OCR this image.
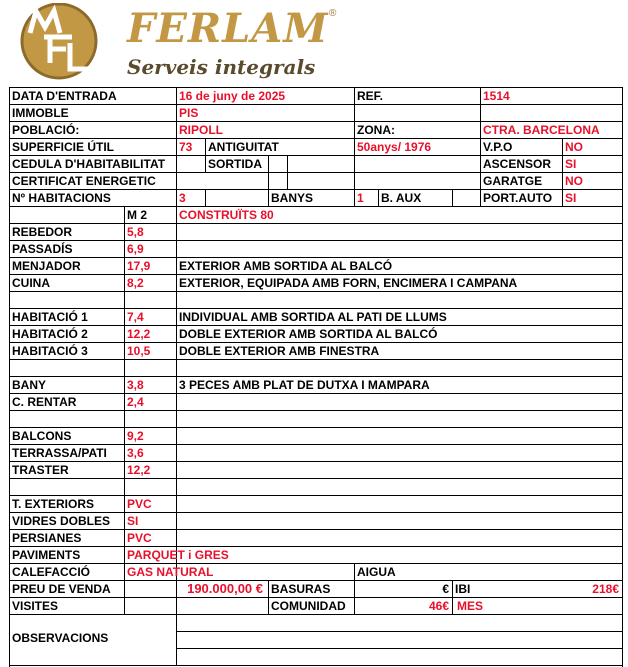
FERLAM ®
Serveis integrals
DATA D'ENTRADA	16 de juny de 2025	REF.	1514
IMMOBLE	PIS
POBLACIÓ:	RIPOLL	ZONA:	CTRA. BARCELONA
SUPERFICIE ÚTIL	73 ANTIGUITAT	50anys/ 1976	V.P.O	NO
CEDULA D'HABITABILITAT	SORTIDA	ASCENSOR SI
CERTIFICAT ENERGETIC	GARATGE NO
Nº HABITACIONS	3	BANYS	1 B. AUX	PORT.AUTO SI
M 2	CONSTRUÏTS 80
REBEDOR	5,8
PASSADÍS	6,9
MENJADOR	17,9 EXTERIOR AMB SORTIDA AL BALCÓ
CUINA	8,2	EXTERIOR, EQUIPADA AMB FORN, ENCIMERA I CAMPANA
HABITACIÓ 1	7,4	INDIVIDUAL AMB SORTIDA AL PATI DE LLUMS
HABITACIÓ 2	12,2 DOBLE EXTERIOR AMB SORTIDA AL BALCÓ
HABITACIÓ 3	10,5 DOBLE EXTERIOR AMB FINESTRA
BANY	3,8	3 PECES AMB PLAT DE DUTXA I MAMPARA
C. RENTAR	2,4
BALCONS	9,2
TERRASSA/PATI 3,6
TRASTER	12,2
T. EXTERIORS	PVC
VIDRES DOBLES SI
PERSIANES	PVC
PAVIMENTS	PARQUET i GRES
CALEFACCIÓ	GAS NATURAL	AIGUA
PREU DE VENDA	190.000,00 € BASURAS	€ IBI	218€
VISITES	COMUNIDAD	46€ MES
OBSERVACIONS
